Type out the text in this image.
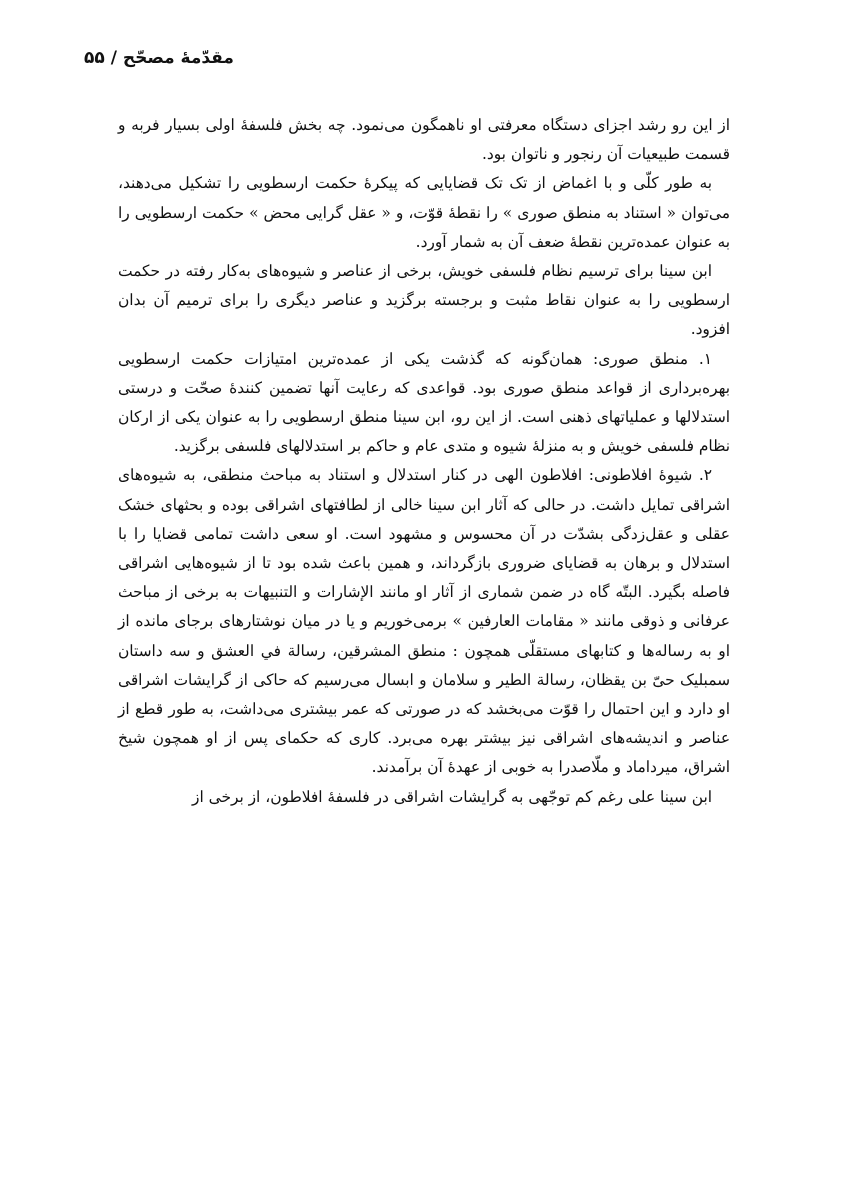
مقدّمهٔ مصحّح / ۵۵

از این رو رشد اجزای دستگاه معرفتی او ناهمگون می‌نمود. چه بخش فلسفهٔ اولی بسیار فربه و قسمت طبیعیات آن رنجور و ناتوان بود.

به طور کلّی و با اغماض از تک تک قضایایی که پیکرهٔ حکمت ارسطویی را تشکیل می‌دهند، می‌توان « استناد به منطق صوری » را نقطهٔ قوّت، و « عقل گرایی محض » حکمت ارسطویی را به عنوان عمده‌ترین نقطهٔ ضعف آن به شمار آورد.

ابن سینا برای ترسیم نظام فلسفی خویش، برخی از عناصر و شیوه‌های به‌کار رفته در حکمت ارسطویی را به عنوان نقاط مثبت و برجسته برگزید و عناصر دیگری را برای ترمیم آن بدان افزود.

۱. منطق صوری: همان‌گونه که گذشت یکی از عمده‌ترین امتیازات حکمت ارسطویی بهره‌برداری از قواعد منطق صوری بود. قواعدی که رعایت آنها تضمین کنندهٔ صحّت و درستی استدلالها و عملیاتهای ذهنی است. از این رو، ابن سینا منطق ارسطویی را به عنوان یکی از ارکان نظام فلسفی خویش و به منزلهٔ شیوه و متدی عام و حاکم بر استدلالهای فلسفی برگزید.

۲. شیوهٔ افلاطونی: افلاطون الهی در کنار استدلال و استناد به مباحث منطقی، به شیوه‌های اشراقی تمایل داشت. در حالی که آثار ابن سینا خالی از لطافتهای اشراقی بوده و بحثهای خشک عقلی و عقل‌زدگی بشدّت در آن محسوس و مشهود است. او سعی داشت تمامی قضایا را با استدلال و برهان به قضایای ضروری بازگرداند، و همین باعث شده بود تا از شیوه‌هایی اشراقی فاصله بگیرد. البتّه گاه در ضمن شماری از آثار او مانند الإشارات و التنبیهات به برخی از مباحث عرفانی و ذوقی مانند « مقامات العارفین » برمی‌خوریم و یا در میان نوشتارهای برجای مانده از او به رساله‌ها و کتابهای مستقلّی همچون : منطق المشرقین، رسالة في العشق و سه داستان سمبلیک حیّ بن یقظان، رسالة الطیر و سلامان و ابسال می‌رسیم که حاکی از گرایشات اشراقی او دارد و این احتمال را قوّت می‌بخشد که در صورتی که عمر بیشتری می‌داشت، به طور قطع از عناصر و اندیشه‌های اشراقی نیز بیشتر بهره می‌برد. کاری که حکمای پس از او همچون شیخ اشراق، میرداماد و ملّاصدرا به خوبی از عهدهٔ آن برآمدند.

ابن سینا علی رغم کم توجّهی به گرایشات اشراقی در فلسفهٔ افلاطون، از برخی از
